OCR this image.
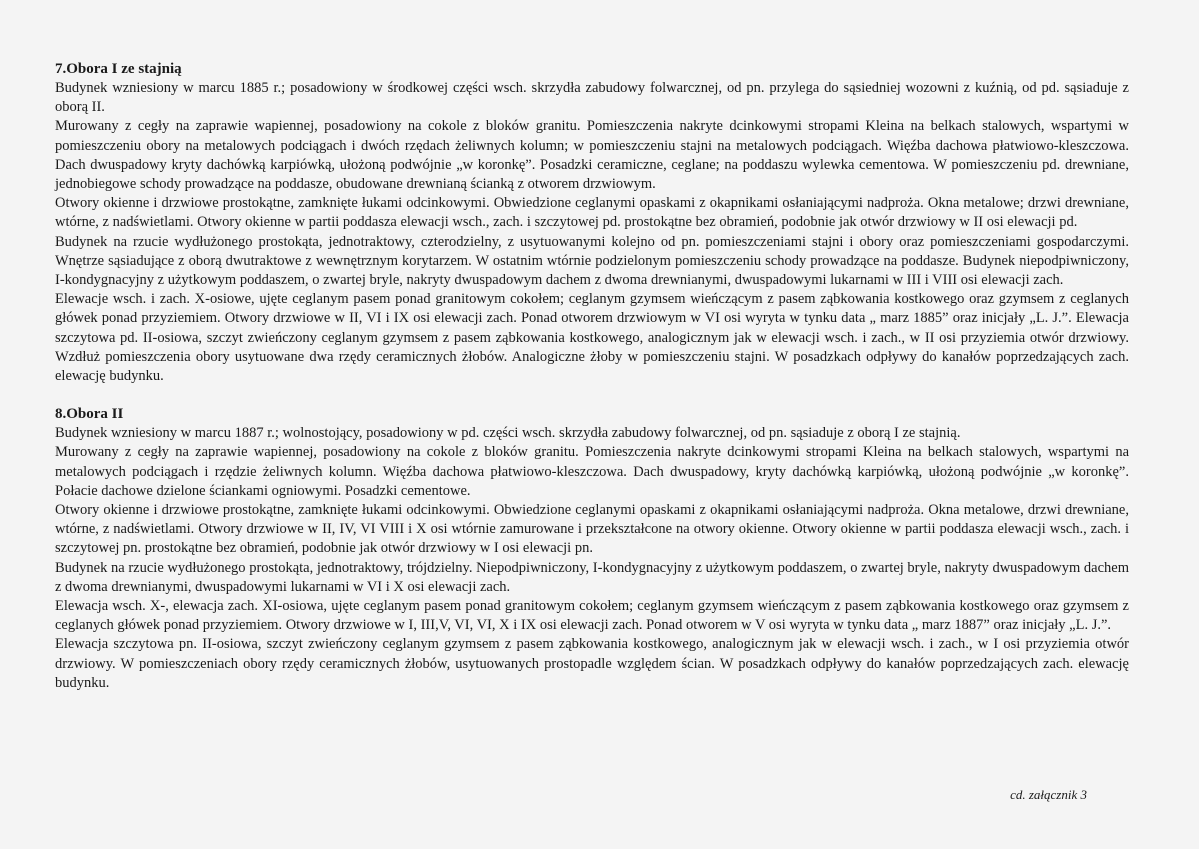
7.Obora I ze stajnią

Budynek wzniesiony w marcu 1885 r.; posadowiony w środkowej części wsch. skrzydła zabudowy folwarcznej, od pn. przylega do sąsiedniej wozowni z kuźnią, od pd. sąsiaduje z oborą II.

Murowany z cegły na zaprawie wapiennej, posadowiony na cokole z bloków granitu. Pomieszczenia nakryte dcinkowymi stropami Kleina na belkach stalowych, wspartymi w pomieszczeniu obory na metalowych podciągach i dwóch rzędach żeliwnych kolumn; w pomieszczeniu stajni na metalowych podciągach. Więźba dachowa płatwiowo-kleszczowa. Dach dwuspadowy kryty dachówką karpiówką, ułożoną podwójnie „w koronkę”. Posadzki ceramiczne, ceglane; na poddaszu wylewka cementowa. W pomieszczeniu pd. drewniane, jednobiegowe schody prowadzące na poddasze, obudowane drewnianą ścianką z otworem drzwiowym.

Otwory okienne i drzwiowe prostokątne, zamknięte łukami odcinkowymi. Obwiedzione ceglanymi opaskami z okapnikami osłaniającymi nadproża. Okna metalowe; drzwi drewniane, wtórne, z nadświetlami. Otwory okienne w partii poddasza elewacji wsch., zach. i szczytowej pd. prostokątne bez obramień, podobnie jak otwór drzwiowy w II osi elewacji pd.

Budynek na rzucie wydłużonego prostokąta, jednotraktowy, czterodzielny, z usytuowanymi kolejno od pn. pomieszczeniami stajni i obory oraz pomieszczeniami gospodarczymi. Wnętrze sąsiadujące z oborą dwutraktowe z wewnętrznym korytarzem. W ostatnim wtórnie podzielonym pomieszczeniu schody prowadzące na poddasze. Budynek niepodpiwniczony, I-kondygnacyjny z użytkowym poddaszem, o zwartej bryle, nakryty dwuspadowym dachem z dwoma drewnianymi, dwuspadowymi lukarnami w III i VIII osi elewacji zach.

Elewacje wsch. i zach. X-osiowe, ujęte ceglanym pasem ponad granitowym cokołem; ceglanym gzymsem wieńczącym z pasem ząbkowania kostkowego oraz gzymsem z ceglanych główek ponad przyziemiem. Otwory drzwiowe w II, VI i IX osi elewacji zach. Ponad otworem drzwiowym w VI osi wyryta w tynku data „ marz 1885” oraz inicjały „L. J.”. Elewacja szczytowa pd. II-osiowa, szczyt zwieńczony ceglanym gzymsem z pasem ząbkowania kostkowego, analogicznym jak w elewacji wsch. i zach., w II osi przyziemia otwór drzwiowy. Wzdłuż pomieszczenia obory usytuowane dwa rzędy ceramicznych żłobów. Analogiczne żłoby w pomieszczeniu stajni. W posadzkach odpływy do kanałów poprzedzających zach. elewację budynku.

8.Obora II

Budynek wzniesiony w marcu 1887 r.; wolnostojący, posadowiony w pd. części wsch. skrzydła zabudowy folwarcznej, od pn. sąsiaduje z oborą I ze stajnią.

Murowany z cegły na zaprawie wapiennej, posadowiony na cokole z bloków granitu. Pomieszczenia nakryte dcinkowymi stropami Kleina na belkach stalowych, wspartymi na metalowych podciągach i rzędzie żeliwnych kolumn. Więźba dachowa płatwiowo-kleszczowa. Dach dwuspadowy, kryty dachówką karpiówką, ułożoną podwójnie „w koronkę”. Połacie dachowe dzielone ściankami ogniowymi. Posadzki cementowe.

Otwory okienne i drzwiowe prostokątne, zamknięte łukami odcinkowymi. Obwiedzione ceglanymi opaskami z okapnikami osłaniającymi nadproża. Okna metalowe, drzwi drewniane, wtórne, z nadświetlami. Otwory drzwiowe w II, IV, VI VIII i X osi wtórnie zamurowane i przekształcone na otwory okienne. Otwory okienne w partii poddasza elewacji wsch., zach. i szczytowej pn. prostokątne bez obramień, podobnie jak otwór drzwiowy w I osi elewacji pn.

Budynek na rzucie wydłużonego prostokąta, jednotraktowy, trójdzielny. Niepodpiwniczony, I-kondygnacyjny z użytkowym poddaszem, o zwartej bryle, nakryty dwuspadowym dachem z dwoma drewnianymi, dwuspadowymi lukarnami w VI i X osi elewacji zach.

Elewacja wsch. X-, elewacja zach. XI-osiowa, ujęte ceglanym pasem ponad granitowym cokołem; ceglanym gzymsem wieńczącym z pasem ząbkowania kostkowego oraz gzymsem z ceglanych główek ponad przyziemiem. Otwory drzwiowe w I, III,V, VI, VI, X i IX osi elewacji zach. Ponad otworem w V osi wyryta w tynku data „ marz 1887” oraz inicjały „L. J.”.

Elewacja szczytowa pn. II-osiowa, szczyt zwieńczony ceglanym gzymsem z pasem ząbkowania kostkowego, analogicznym jak w elewacji wsch. i zach., w I osi przyziemia otwór drzwiowy. W pomieszczeniach obory rzędy ceramicznych żłobów, usytuowanych prostopadle względem ścian. W posadzkach odpływy do kanałów poprzedzających zach. elewację budynku.

cd. załącznik 3
